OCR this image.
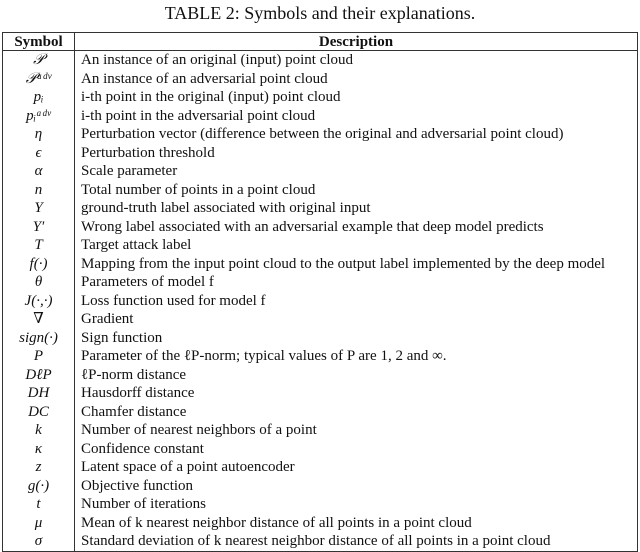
TABLE 2: Symbols and their explanations.
Symbol	Description
𝒫	An instance of an original (input) point cloud
𝒫ᵃᵈᵛ	An instance of an adversarial point cloud
pᵢ	i-th point in the original (input) point cloud
pᵢᵃᵈᵛ	i-th point in the adversarial point cloud
η	Perturbation vector (difference between the original and adversarial point cloud)
ϵ	Perturbation threshold
α	Scale parameter
n	Total number of points in a point cloud
Y	ground-truth label associated with original input
Y′	Wrong label associated with an adversarial example that deep model predicts
T	Target attack label
f(·)	Mapping from the input point cloud to the output label implemented by the deep model
θ	Parameters of model f
J(·,·)	Loss function used for model f
∇	Gradient
sign(·)	Sign function
P	Parameter of the ℓP-norm; typical values of P are 1, 2 and ∞.
DℓP	ℓP-norm distance
DH	Hausdorff distance
DC	Chamfer distance
k	Number of nearest neighbors of a point
κ	Confidence constant
z	Latent space of a point autoencoder
g(·)	Objective function
t	Number of iterations
μ	Mean of k nearest neighbor distance of all points in a point cloud
σ	Standard deviation of k nearest neighbor distance of all points in a point cloud
